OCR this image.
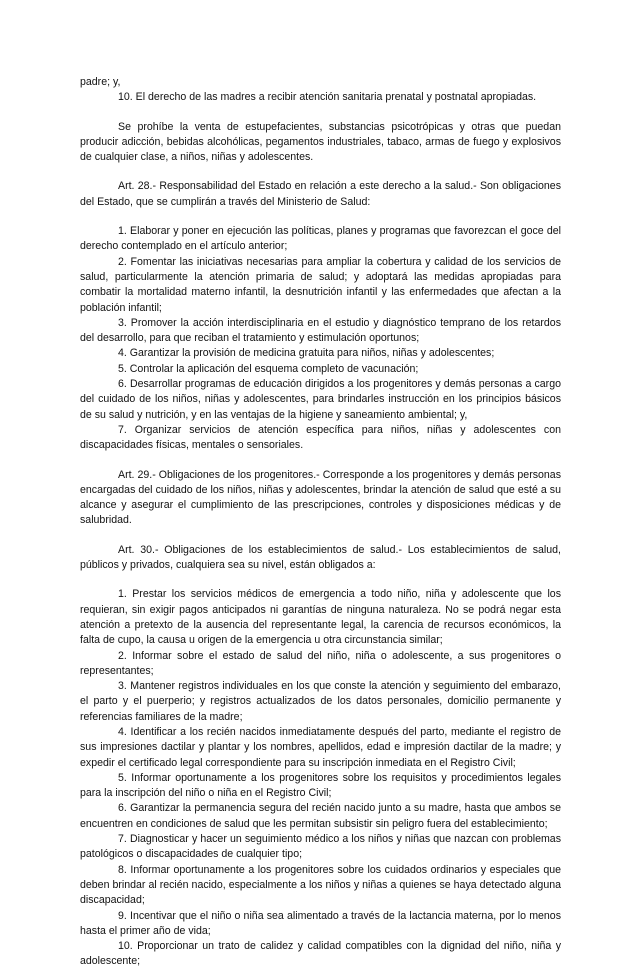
padre; y,

10. El derecho de las madres a recibir atención sanitaria prenatal y postnatal apropiadas.

Se prohíbe la venta de estupefacientes, substancias psicotrópicas y otras que puedan producir adicción, bebidas alcohólicas, pegamentos industriales, tabaco, armas de fuego y explosivos de cualquier clase, a niños, niñas y adolescentes.

Art. 28.- Responsabilidad del Estado en relación a este derecho a la salud.- Son obligaciones del Estado, que se cumplirán a través del Ministerio de Salud:

1. Elaborar y poner en ejecución las políticas, planes y programas que favorezcan el goce del derecho contemplado en el artículo anterior;

2. Fomentar las iniciativas necesarias para ampliar la cobertura y calidad de los servicios de salud, particularmente la atención primaria de salud; y adoptará las medidas apropiadas para combatir la mortalidad materno infantil, la desnutrición infantil y las enfermedades que afectan a la población infantil;

3. Promover la acción interdisciplinaria en el estudio y diagnóstico temprano de los retardos del desarrollo, para que reciban el tratamiento y estimulación oportunos;

4. Garantizar la provisión de medicina gratuita para niños, niñas y adolescentes;

5. Controlar la aplicación del esquema completo de vacunación;

6. Desarrollar programas de educación dirigidos a los progenitores y demás personas a cargo del cuidado de los niños, niñas y adolescentes, para brindarles instrucción en los principios básicos de su salud y nutrición, y en las ventajas de la higiene y saneamiento ambiental; y,

7. Organizar servicios de atención específica para niños, niñas y adolescentes con discapacidades físicas, mentales o sensoriales.

Art. 29.- Obligaciones de los progenitores.- Corresponde a los progenitores y demás personas encargadas del cuidado de los niños, niñas y adolescentes, brindar la atención de salud que esté a su alcance y asegurar el cumplimiento de las prescripciones, controles y disposiciones médicas y de salubridad.

Art. 30.- Obligaciones de los establecimientos de salud.- Los establecimientos de salud, públicos y privados, cualquiera sea su nivel, están obligados a:

1. Prestar los servicios médicos de emergencia a todo niño, niña y adolescente que los requieran, sin exigir pagos anticipados ni garantías de ninguna naturaleza. No se podrá negar esta atención a pretexto de la ausencia del representante legal, la carencia de recursos económicos, la falta de cupo, la causa u origen de la emergencia u otra circunstancia similar;

2. Informar sobre el estado de salud del niño, niña o adolescente, a sus progenitores o representantes;

3. Mantener registros individuales en los que conste la atención y seguimiento del embarazo, el parto y el puerperio; y registros actualizados de los datos personales, domicilio permanente y referencias familiares de la madre;

4. Identificar a los recién nacidos inmediatamente después del parto, mediante el registro de sus impresiones dactilar y plantar y los nombres, apellidos, edad e impresión dactilar de la madre; y expedir el certificado legal correspondiente para su inscripción inmediata en el Registro Civil;

5. Informar oportunamente a los progenitores sobre los requisitos y procedimientos legales para la inscripción del niño o niña en el Registro Civil;

6. Garantizar la permanencia segura del recién nacido junto a su madre, hasta que ambos se encuentren en condiciones de salud que les permitan subsistir sin peligro fuera del establecimiento;

7. Diagnosticar y hacer un seguimiento médico a los niños y niñas que nazcan con problemas patológicos o discapacidades de cualquier tipo;

8. Informar oportunamente a los progenitores sobre los cuidados ordinarios y especiales que deben brindar al recién nacido, especialmente a los niños y niñas a quienes se haya detectado alguna discapacidad;

9. Incentivar que el niño o niña sea alimentado a través de la lactancia materna, por lo menos hasta el primer año de vida;

10. Proporcionar un trato de calidez y calidad compatibles con la dignidad del niño, niña y adolescente;
